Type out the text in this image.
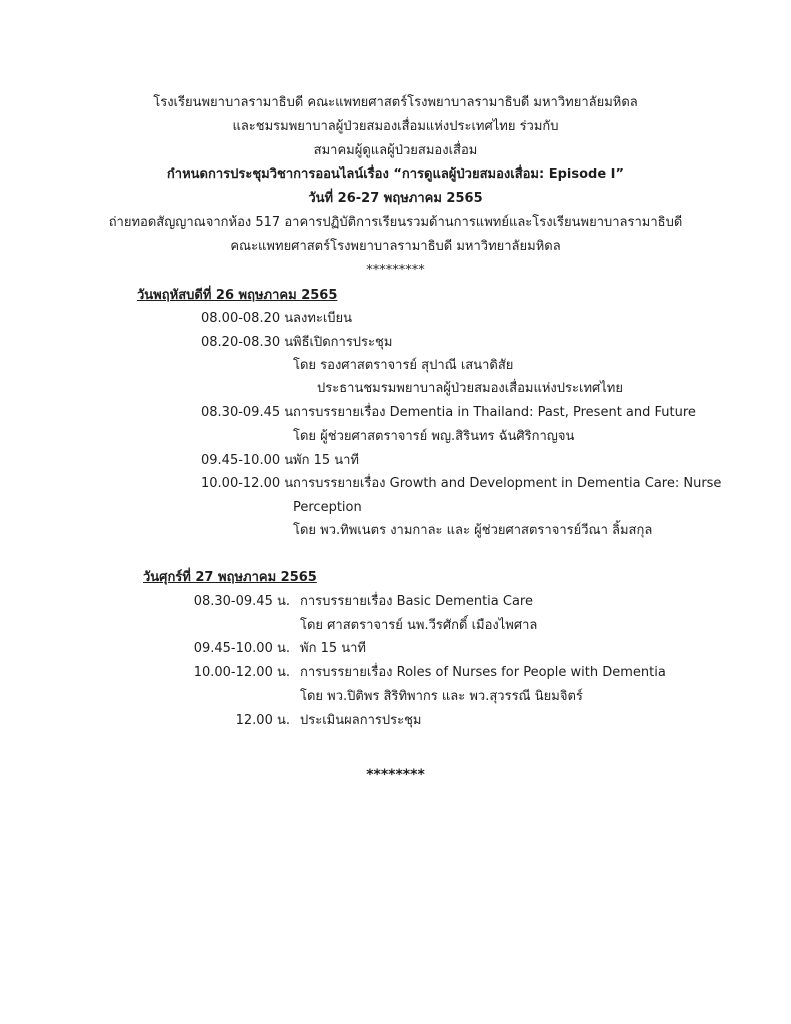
โรงเรียนพยาบาลรามาธิบดี คณะแพทยศาสตร์โรงพยาบาลรามาธิบดี มหาวิทยาลัยมหิดล
และชมรมพยาบาลผู้ป่วยสมองเสื่อมแห่งประเทศไทย ร่วมกับ
สมาคมผู้ดูแลผู้ป่วยสมองเสื่อม
กำหนดการประชุมวิชาการออนไลน์เรื่อง “การดูแลผู้ป่วยสมองเสื่อม: Episode I”
วันที่ 26-27 พฤษภาคม 2565
ถ่ายทอดสัญญาณจากห้อง 517 อาคารปฏิบัติการเรียนรวมด้านการแพทย์และโรงเรียนพยาบาลรามาธิบดี
คณะแพทยศาสตร์โรงพยาบาลรามาธิบดี มหาวิทยาลัยมหิดล
*********
วันพฤหัสบดีที่ 26 พฤษภาคม 2565
08.00-08.20 น.
ลงทะเบียน
08.20-08.30 น.
พิธีเปิดการประชุม
โดย รองศาสตราจารย์ สุปาณี เสนาดิสัย
ประธานชมรมพยาบาลผู้ป่วยสมองเสื่อมแห่งประเทศไทย
08.30-09.45 น.
การบรรยายเรื่อง Dementia in Thailand: Past, Present and Future
โดย ผู้ช่วยศาสตราจารย์ พญ.สิรินทร ฉันศิริกาญจน
09.45-10.00 น.
พัก 15 นาที
10.00-12.00 น.
การบรรยายเรื่อง Growth and Development in Dementia Care: Nurse
Perception
โดย พว.ทิพเนตร งามกาละ และ ผู้ช่วยศาสตราจารย์วีณา ลิ้มสกุล
วันศุกร์ที่ 27 พฤษภาคม 2565
08.30-09.45 น. การบรรยายเรื่อง Basic Dementia Care
โดย ศาสตราจารย์ นพ.วีรศักดิ์ เมืองไพศาล
09.45-10.00 น. พัก 15 นาที
10.00-12.00 น. การบรรยายเรื่อง Roles of Nurses for People with Dementia
โดย พว.ปิติพร สิริทิพากร และ พว.สุวรรณี นิยมจิตร์
12.00 น. ประเมินผลการประชุม
********
